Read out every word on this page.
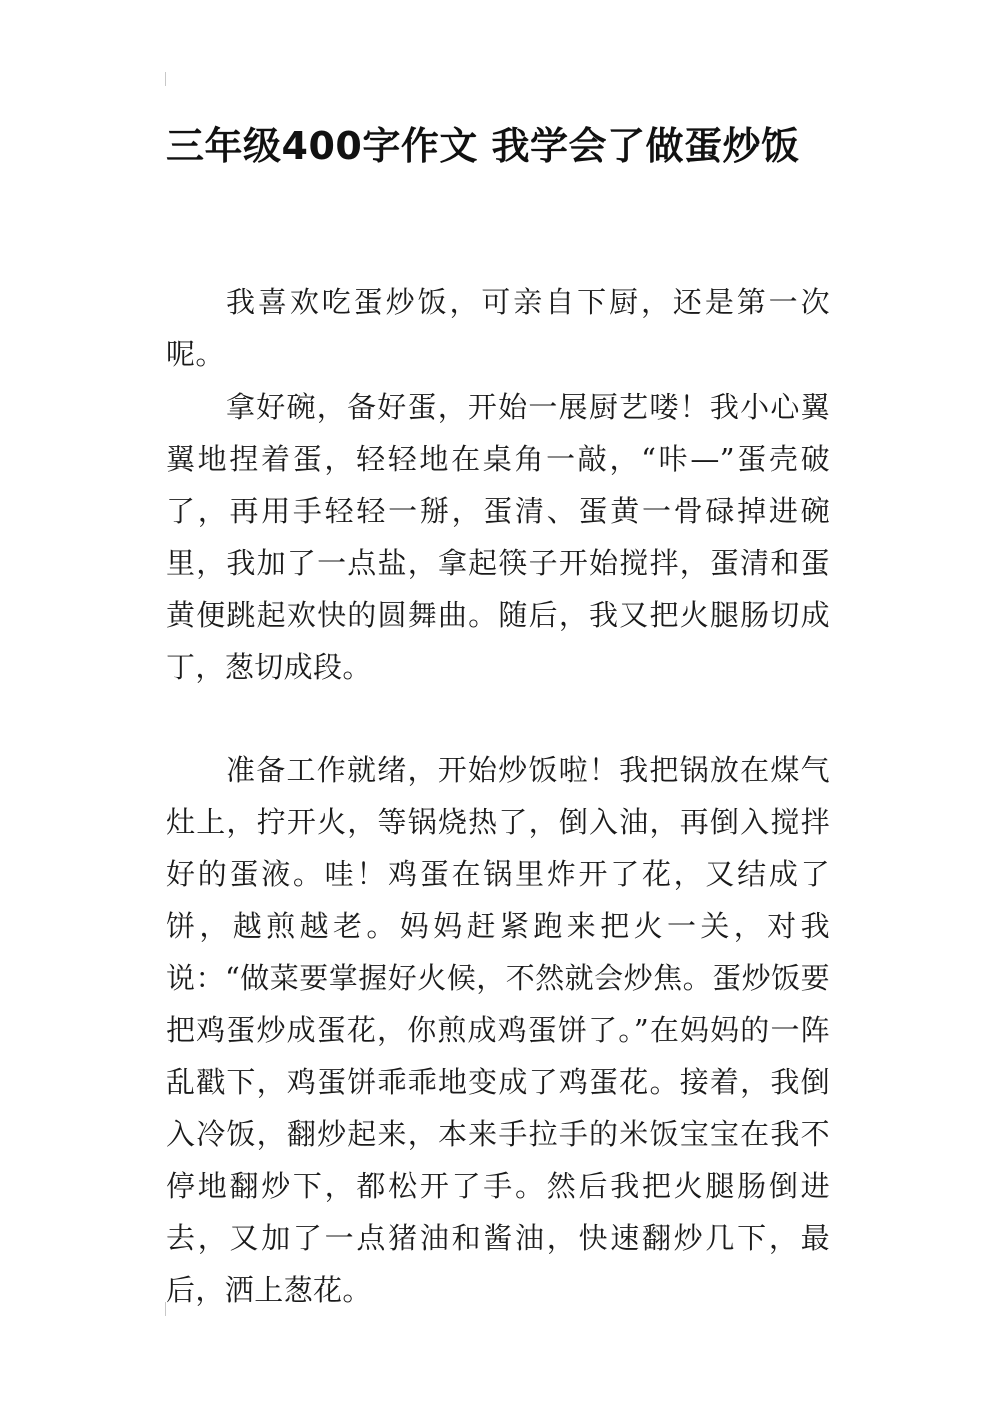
三年级400字作文 我学会了做蛋炒饭

我喜欢吃蛋炒饭，可亲自下厨，还是第一次呢。

拿好碗，备好蛋，开始一展厨艺喽！我小心翼翼地捏着蛋，轻轻地在桌角一敲，“咔—”蛋壳破了，再用手轻轻一掰，蛋清、蛋黄一骨碌掉进碗里，我加了一点盐，拿起筷子开始搅拌，蛋清和蛋黄便跳起欢快的圆舞曲。随后，我又把火腿肠切成丁，葱切成段。

准备工作就绪，开始炒饭啦！我把锅放在煤气灶上，拧开火，等锅烧热了，倒入油，再倒入搅拌好的蛋液。哇！鸡蛋在锅里炸开了花，又结成了饼，越煎越老。妈妈赶紧跑来把火一关，对我说：“做菜要掌握好火候，不然就会炒焦。蛋炒饭要把鸡蛋炒成蛋花，你煎成鸡蛋饼了。”在妈妈的一阵乱戳下，鸡蛋饼乖乖地变成了鸡蛋花。接着，我倒入冷饭，翻炒起来，本来手拉手的米饭宝宝在我不停地翻炒下，都松开了手。然后我把火腿肠倒进去，又加了一点猪油和酱油，快速翻炒几下，最后，洒上葱花。
